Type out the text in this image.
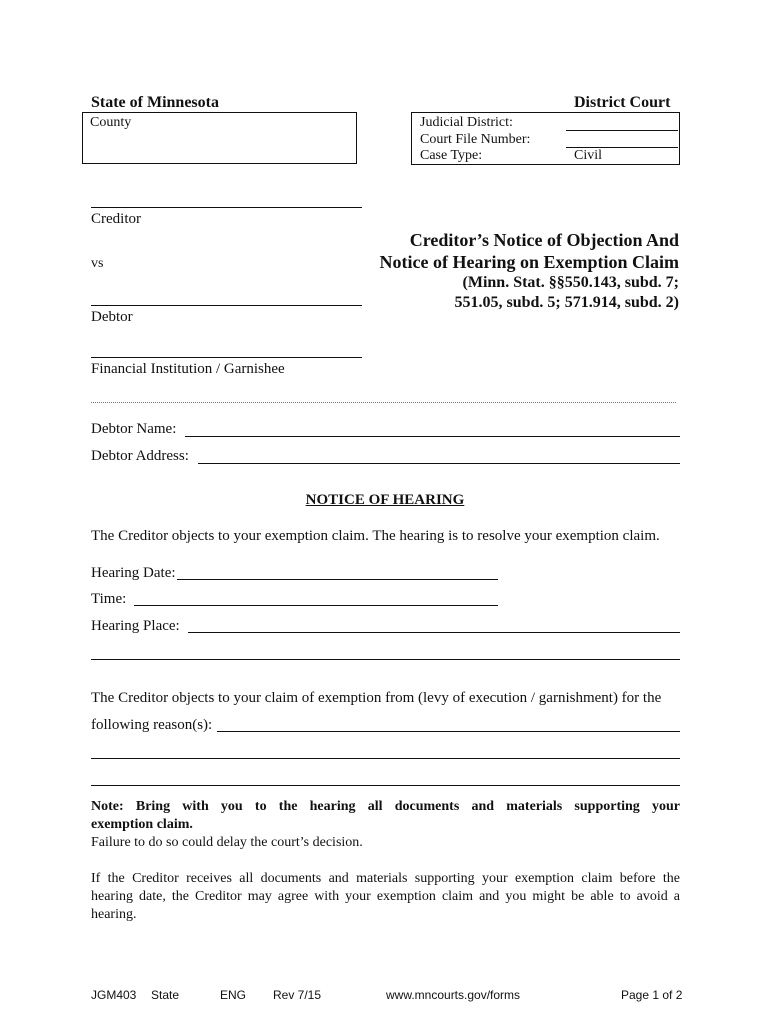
State of Minnesota	District Court
County	Judicial District:
Court File Number:
Case Type:	Civil
Creditor
vs
Debtor
Financial Institution / Garnishee
Creditor’s Notice of Objection And
Notice of Hearing on Exemption Claim
(Minn. Stat. §§550.143, subd. 7;
551.05, subd. 5; 571.914, subd. 2)
Debtor Name:
Debtor Address:
NOTICE OF HEARING
The Creditor objects to your exemption claim. The hearing is to resolve your exemption claim.
Hearing Date:
Time:
Hearing Place:
The Creditor objects to your claim of exemption from (levy of execution / garnishment) for the
following reason(s):
Note: Bring with you to the hearing all documents and materials supporting your
exemption claim.
Failure to do so could delay the court’s decision.
If the Creditor receives all documents and materials supporting your exemption claim before the
hearing date, the Creditor may agree with your exemption claim and you might be able to avoid a
hearing.
JGM403 State	ENG Rev 7/15	www.mncourts.gov/forms	Page 1 of 2
